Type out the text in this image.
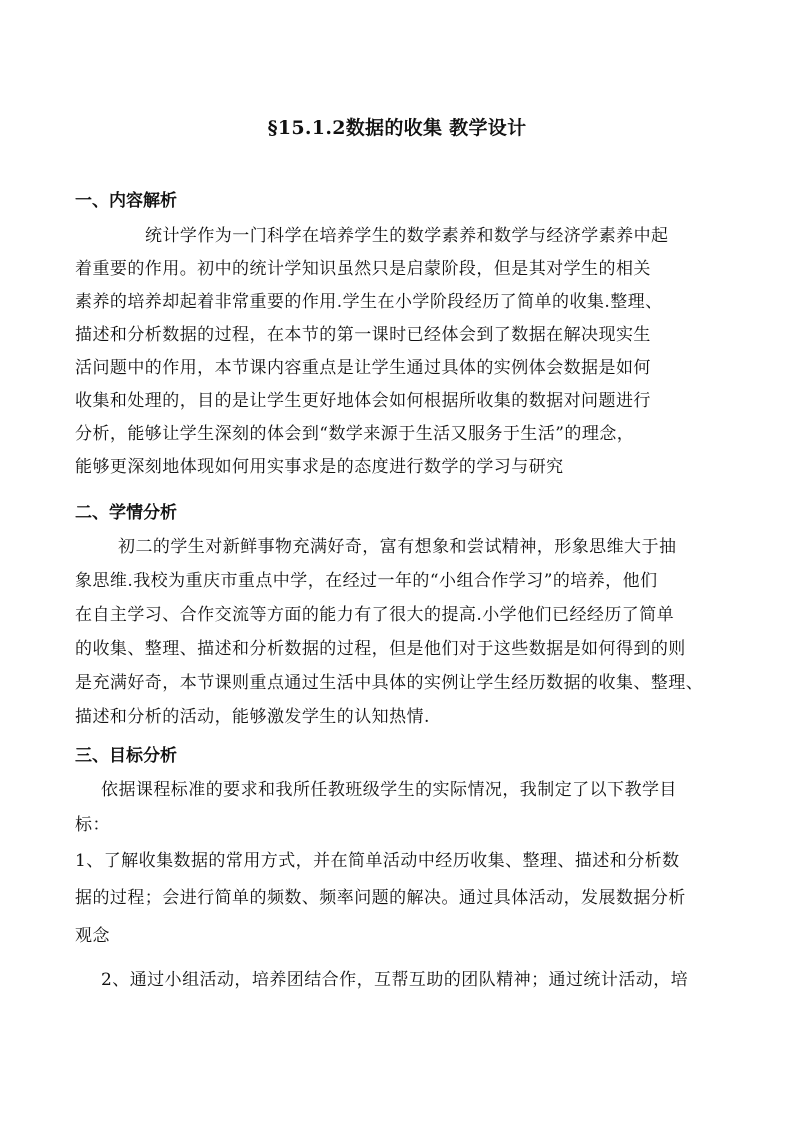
§15.1.2数据的收集 教学设计
一、内容解析
统计学作为一门科学在培养学生的数学素养和数学与经济学素养中起
着重要的作用。初中的统计学知识虽然只是启蒙阶段，但是其对学生的相关
素养的培养却起着非常重要的作用.学生在小学阶段经历了简单的收集.整理、
描述和分析数据的过程，在本节的第一课时已经体会到了数据在解决现实生
活问题中的作用，本节课内容重点是让学生通过具体的实例体会数据是如何
收集和处理的，目的是让学生更好地体会如何根据所收集的数据对问题进行
分析，能够让学生深刻的体会到“数学来源于生活又服务于生活”的理念，
能够更深刻地体现如何用实事求是的态度进行数学的学习与研究
二、学情分析
初二的学生对新鲜事物充满好奇，富有想象和尝试精神，形象思维大于抽
象思维.我校为重庆市重点中学，在经过一年的“小组合作学习”的培养，他们
在自主学习、合作交流等方面的能力有了很大的提高.小学他们已经经历了简单
的收集、整理、描述和分析数据的过程，但是他们对于这些数据是如何得到的则
是充满好奇，本节课则重点通过生活中具体的实例让学生经历数据的收集、整理、
描述和分析的活动，能够激发学生的认知热情.
三、目标分析
依据课程标准的要求和我所任教班级学生的实际情况，我制定了以下教学目
标：
1、了解收集数据的常用方式，并在简单活动中经历收集、整理、描述和分析数
据的过程；会进行简单的频数、频率问题的解决。通过具体活动，发展数据分析
观念
2、通过小组活动，培养团结合作，互帮互助的团队精神；通过统计活动，培
